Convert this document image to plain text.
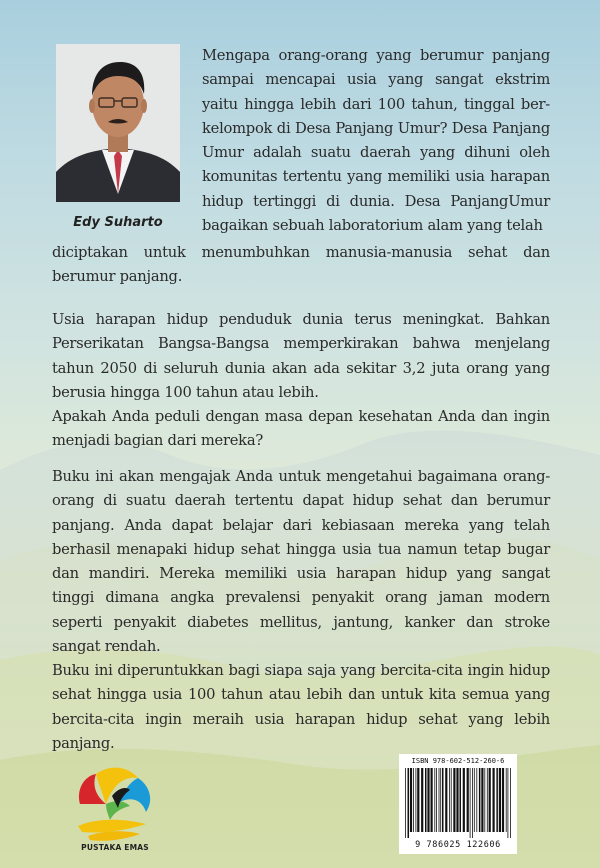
Edy Suharto

Mengapa orang-orang yang berumur panjang sampai mencapai usia yang sangat ekstrim yaitu hingga lebih dari 100 tahun, tinggal ber-kelompok di Desa Panjang Umur? Desa Panjang Umur adalah suatu daerah yang dihuni oleh komunitas tertentu yang memiliki usia harapan hidup tertinggi di dunia. Desa PanjangUmur bagaikan sebuah laboratorium alam yang telah

diciptakan untuk menumbuhkan manusia-manusia sehat dan berumur panjang.

Usia harapan hidup penduduk dunia terus meningkat. Bahkan Perserikatan Bangsa-Bangsa memperkirakan bahwa menjelang tahun 2050 di seluruh dunia akan ada sekitar 3,2 juta orang yang berusia hingga 100 tahun atau lebih.

Apakah Anda peduli dengan masa depan kesehatan Anda dan ingin menjadi bagian dari mereka?

Buku ini akan mengajak Anda untuk mengetahui bagaimana orang-orang di suatu daerah tertentu dapat hidup sehat dan berumur panjang. Anda dapat belajar dari kebiasaan mereka yang telah berhasil menapaki hidup sehat hingga usia tua namun tetap bugar dan mandiri. Mereka memiliki usia harapan hidup yang sangat tinggi dimana angka prevalensi penyakit orang jaman modern seperti penyakit diabetes mellitus, jantung, kanker dan stroke sangat rendah.

Buku ini diperuntukkan bagi siapa saja yang bercita-cita ingin hidup sehat hingga usia 100 tahun atau lebih dan untuk kita semua yang bercita-cita ingin meraih usia harapan hidup sehat yang lebih panjang.

PUSTAKA EMAS
ISBN 978-602-512-260-6
9 786025 122606
